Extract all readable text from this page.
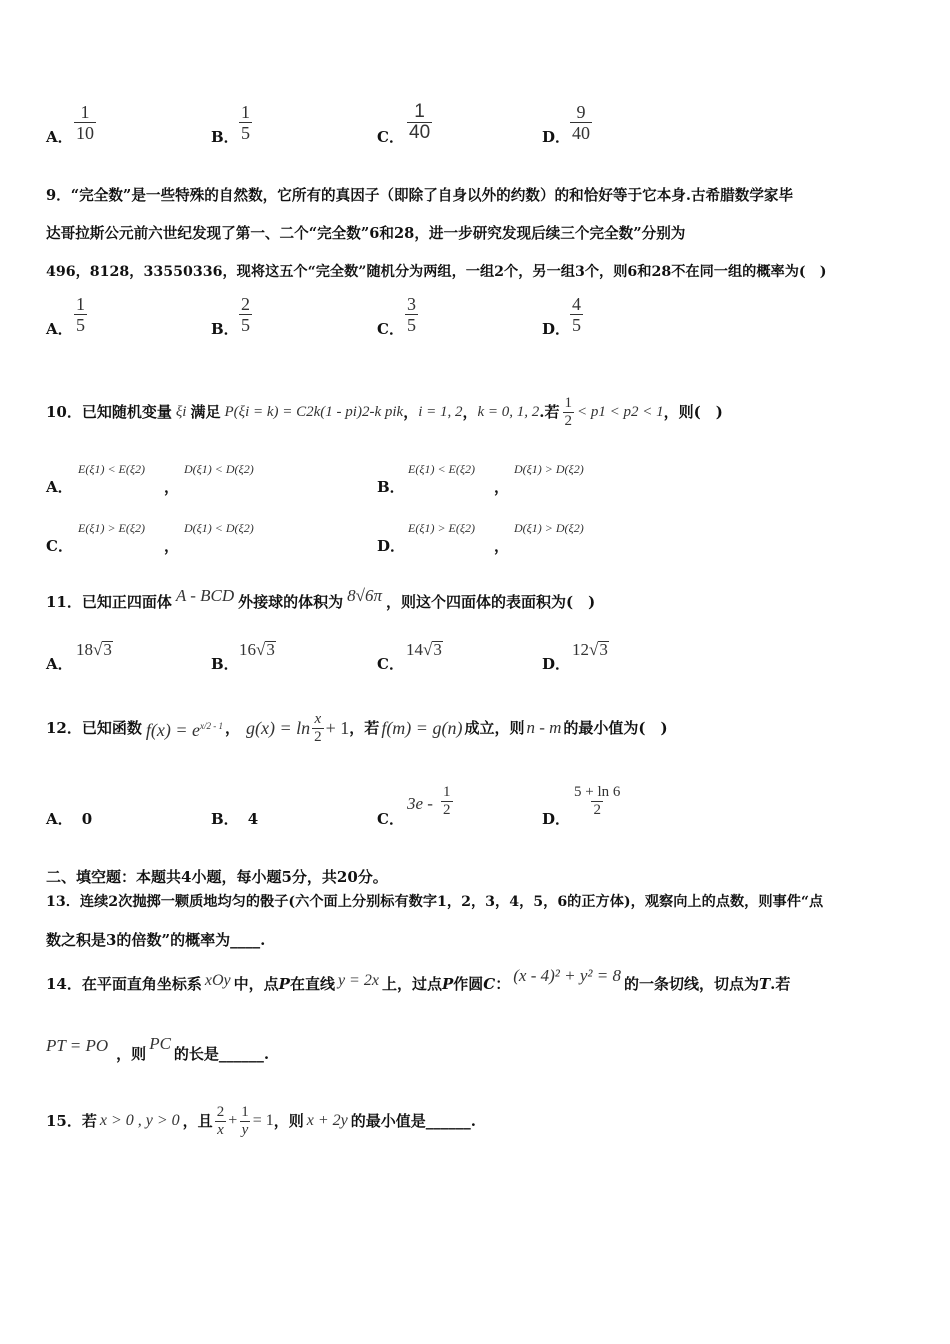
A． $\frac{1}{10}$	B． $\frac{1}{5}$	C． $\frac{1}{40}$	D． $\frac{9}{40}$
9．“完全数”是一些特殊的自然数，它所有的真因子（即除了自身以外的约数）的和恰好等于它本身.古希腊数学家毕
达哥拉斯公元前六世纪发现了第一、二个“完全数”6和28，进一步研究发现后续三个完全数”分别为
496，8128，33550336，现将这五个“完全数”随机分为两组，一组2个，另一组3个，则6和28不在同一组的概率为(　)
A． $\frac{1}{5}$	B． $\frac{2}{5}$	C． $\frac{3}{5}$	D． $\frac{4}{5}$
10．已知随机变量 ξi 满足 P(ξi = k) = C2k(1 - pi)2-k pik ， i = 1, 2 ， k = 0, 1, 2 .若 $\frac{1}{2} < p1 < p2 < 1$ ，则(　)
A．
E(ξ1) < E(ξ2)
，
D(ξ1) < D(ξ2)
B．
E(ξ1) < E(ξ2)
，
D(ξ1) > D(ξ2)
C．
E(ξ1) > E(ξ2)
，
D(ξ1) < D(ξ2)
D．
E(ξ1) > E(ξ2)
，
D(ξ1) > D(ξ2)
11．已知正四面体 A - BCD 外接球的体积为 8√6π ，则这个四面体的表面积为(　)
A．
18√3
B．
16√3
C．
14√3
D．
12√3
12．已知函数 $f(x) = e^{x/2 - 1}$ ， $g(x) = \ln \frac{x}{2} + 1$ ，若 f(m) = g(n) 成立，则 n - m 的最小值为(　)
A． 0	B． 4	C．
$3e - \frac{1}{2}$	D． $\frac{5 + \ln 6}{2}$
二、填空题：本题共4小题，每小题5分，共20分。
13．连续2次抛掷一颗质地均匀的骰子(六个面上分别标有数字1，2，3，4，5，6的正方体)，观察向上的点数，则事件“点
数之积是3的倍数”的概率为____.
14．在平面直角坐标系 xOy 中，点 P 在直线 y = 2x 上，过点 P 作圆 C ： (x - 4)² + y² = 8 的一条切线，切点为 T .若
PT = PO ，则
PC
的长是______.
15．若 x > 0 , y > 0 ，且 $\frac{2}{x} + \frac{1}{y} = 1$ ，则 x + 2y 的最小值是______.
